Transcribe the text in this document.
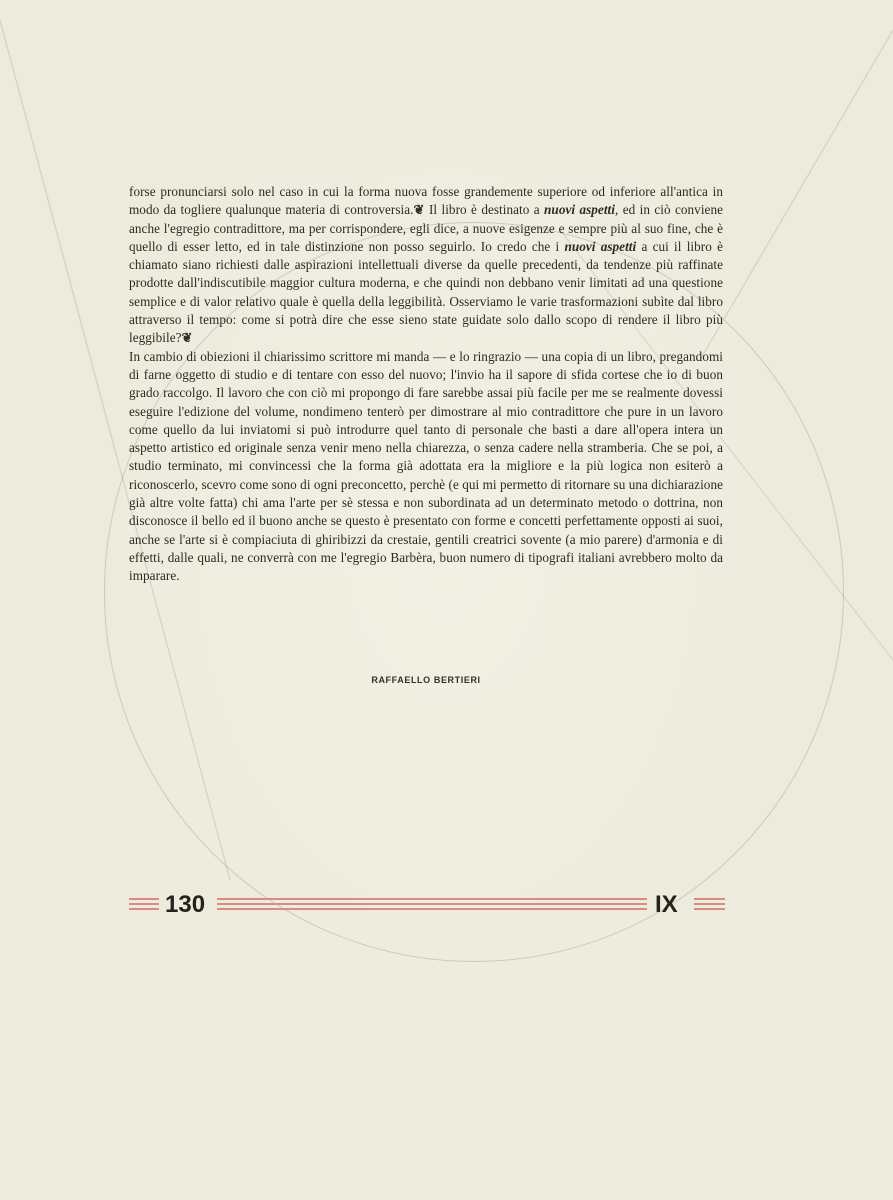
forse pronunciarsi solo nel caso in cui la forma nuova fosse grandemente superiore od inferiore all'antica in modo da togliere qualunque materia di controversia.❦ Il libro è destinato a nuovi aspetti, ed in ciò conviene anche l'egregio contradittore, ma per corrispondere, egli dice, a nuove esigenze e sempre più al suo fine, che è quello di esser letto, ed in tale distinzione non posso seguirlo. Io credo che i nuovi aspetti a cui il libro è chiamato siano richiesti dalle aspirazioni intellettuali diverse da quelle precedenti, da tendenze più raffinate prodotte dall'indiscutibile maggior cultura moderna, e che quindi non debbano venir limitati ad una questione semplice e di valor relativo quale è quella della leggibilità. Osserviamo le varie trasformazioni subìte dal libro attraverso il tempo: come si potrà dire che esse sieno state guidate solo dallo scopo di rendere il libro più leggibile?❦

In cambio di obiezioni il chiarissimo scrittore mi manda — e lo ringrazio — una copia di un libro, pregandomi di farne oggetto di studio e di tentare con esso del nuovo; l'invio ha il sapore di sfida cortese che io di buon grado raccolgo. Il lavoro che con ciò mi propongo di fare sarebbe assai più facile per me se realmente dovessi eseguire l'edizione del volume, nondimeno tenterò per dimostrare al mio contradittore che pure in un lavoro come quello da lui inviatomi si può introdurre quel tanto di personale che basti a dare all'opera intera un aspetto artistico ed originale senza venir meno nella chiarezza, o senza cadere nella stramberia. Che se poi, a studio terminato, mi convincessi che la forma già adottata era la migliore e la più logica non esiterò a riconoscerlo, scevro come sono di ogni preconcetto, perchè (e qui mi permetto di ritornare su una dichiarazione già altre volte fatta) chi ama l'arte per sè stessa e non subordinata ad un determinato metodo o dottrina, non disconosce il bello ed il buono anche se questo è presentato con forme e concetti perfettamente opposti ai suoi, anche se l'arte si è compiaciuta di ghiribizzi da crestaie, gentili creatrici sovente (a mio parere) d'armonia e di effetti, dalle quali, ne converrà con me l'egregio Barbèra, buon numero di tipografi italiani avrebbero molto da imparare.

RAFFAELLO BERTIERI
130	IX
